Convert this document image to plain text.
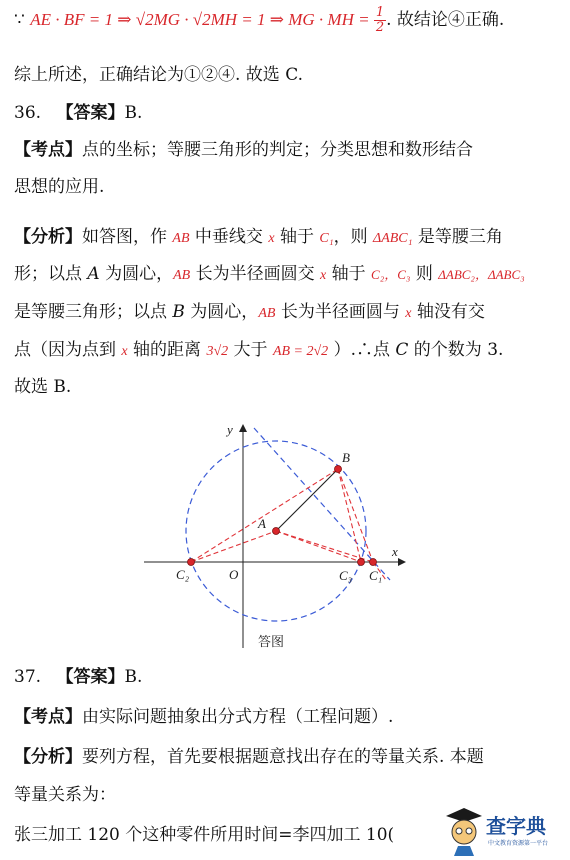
∵ AE · BF = 1 ⇒ √2MG · √2MH = 1 ⇒ MG · MH = $\frac{1}{2}$ . 故结论④正确.
综上所述，正确结论为①②④. 故选 C.
36. 【答案】B.
【考点】点的坐标；等腰三角形的判定；分类思想和数形结合
思想的应用.
【分析】如答图，作 AB 中垂线交 x 轴于 C₁，则 ΔABC₁ 是等腰三角
形；以点 A 为圆心，AB 长为半径画圆交 x 轴于 C₂，C₃ 则 ΔABC₂，ΔABC₃
是等腰三角形；以点 B 为圆心，AB 长为半径画圆与 x 轴没有交
点（因为点到 x 轴的距离 3√2 大于 AB = 2√2 ）.∴点 C 的个数为 3.
故选 B.
y
x
B
A
O
C₂	C₃ C₁
答图
37. 【答案】B.
【考点】由实际问题抽象出分式方程（工程问题）.
【分析】要列方程，首先要根据题意找出存在的等量关系. 本题
等量关系为：
张三加工 120 个这种零件所用时间=李四加工 10(	查字典
中文教育资源第一平台
